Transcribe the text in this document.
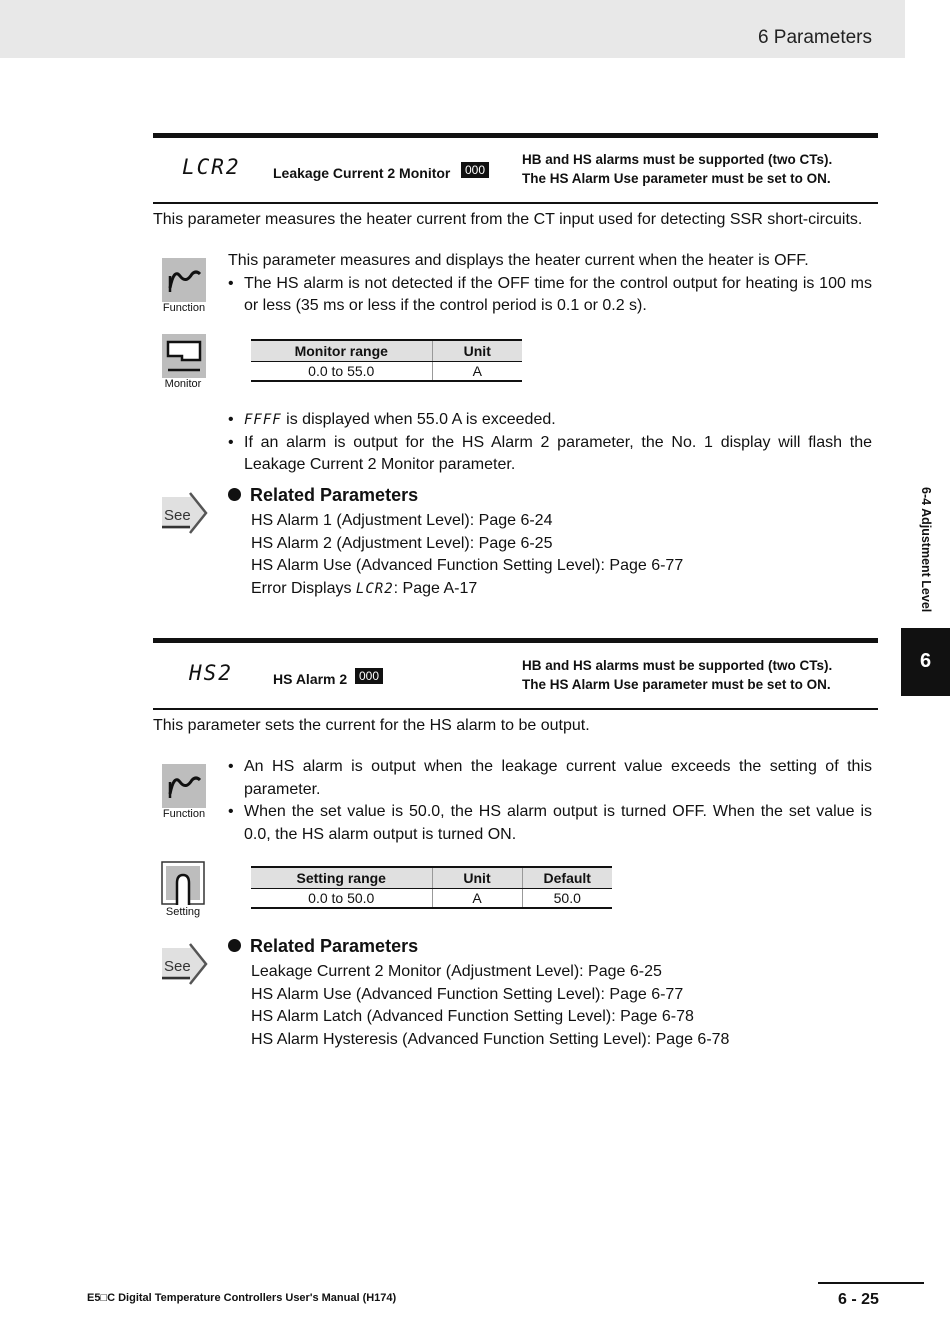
6 Parameters
6-4 Adjustment Level
6
LCR2 Leakage Current 2 Monitor	000
HB and HS alarms must be supported (two CTs).
The HS Alarm Use parameter must be set to ON.
This parameter measures the heater current from the CT input used for detecting SSR short-circuits.
Function
This parameter measures and displays the heater current when the heater is OFF.
• The HS alarm is not detected if the OFF time for the control output for heating is 100 ms or less (35 ms or less if the control period is 0.1 or 0.2 s).
Monitor
Monitor range	Unit
0.0 to 55.0	A
• FFFF is displayed when 55.0 A is exceeded.
• If an alarm is output for the HS Alarm 2 parameter, the No. 1 display will flash the Leakage Current 2 Monitor parameter.
See
Related Parameters
HS Alarm 1 (Adjustment Level): Page 6-24
HS Alarm 2 (Adjustment Level): Page 6-25
HS Alarm Use (Advanced Function Setting Level): Page 6-77
Error Displays LCR2: Page A-17
HS2	HS Alarm 2 000
HB and HS alarms must be supported (two CTs).
The HS Alarm Use parameter must be set to ON.
This parameter sets the current for the HS alarm to be output.
Function
• An HS alarm is output when the leakage current value exceeds the setting of this parameter.
• When the set value is 50.0, the HS alarm output is turned OFF. When the set value is 0.0, the HS alarm output is turned ON.
Setting
Setting range	Unit	Default
0.0 to 50.0	A	50.0
See
Related Parameters
Leakage Current 2 Monitor (Adjustment Level): Page 6-25
HS Alarm Use (Advanced Function Setting Level): Page 6-77
HS Alarm Latch (Advanced Function Setting Level): Page 6-78
HS Alarm Hysteresis (Advanced Function Setting Level): Page 6-78
E5□C Digital Temperature Controllers User's Manual (H174)	6 - 25
